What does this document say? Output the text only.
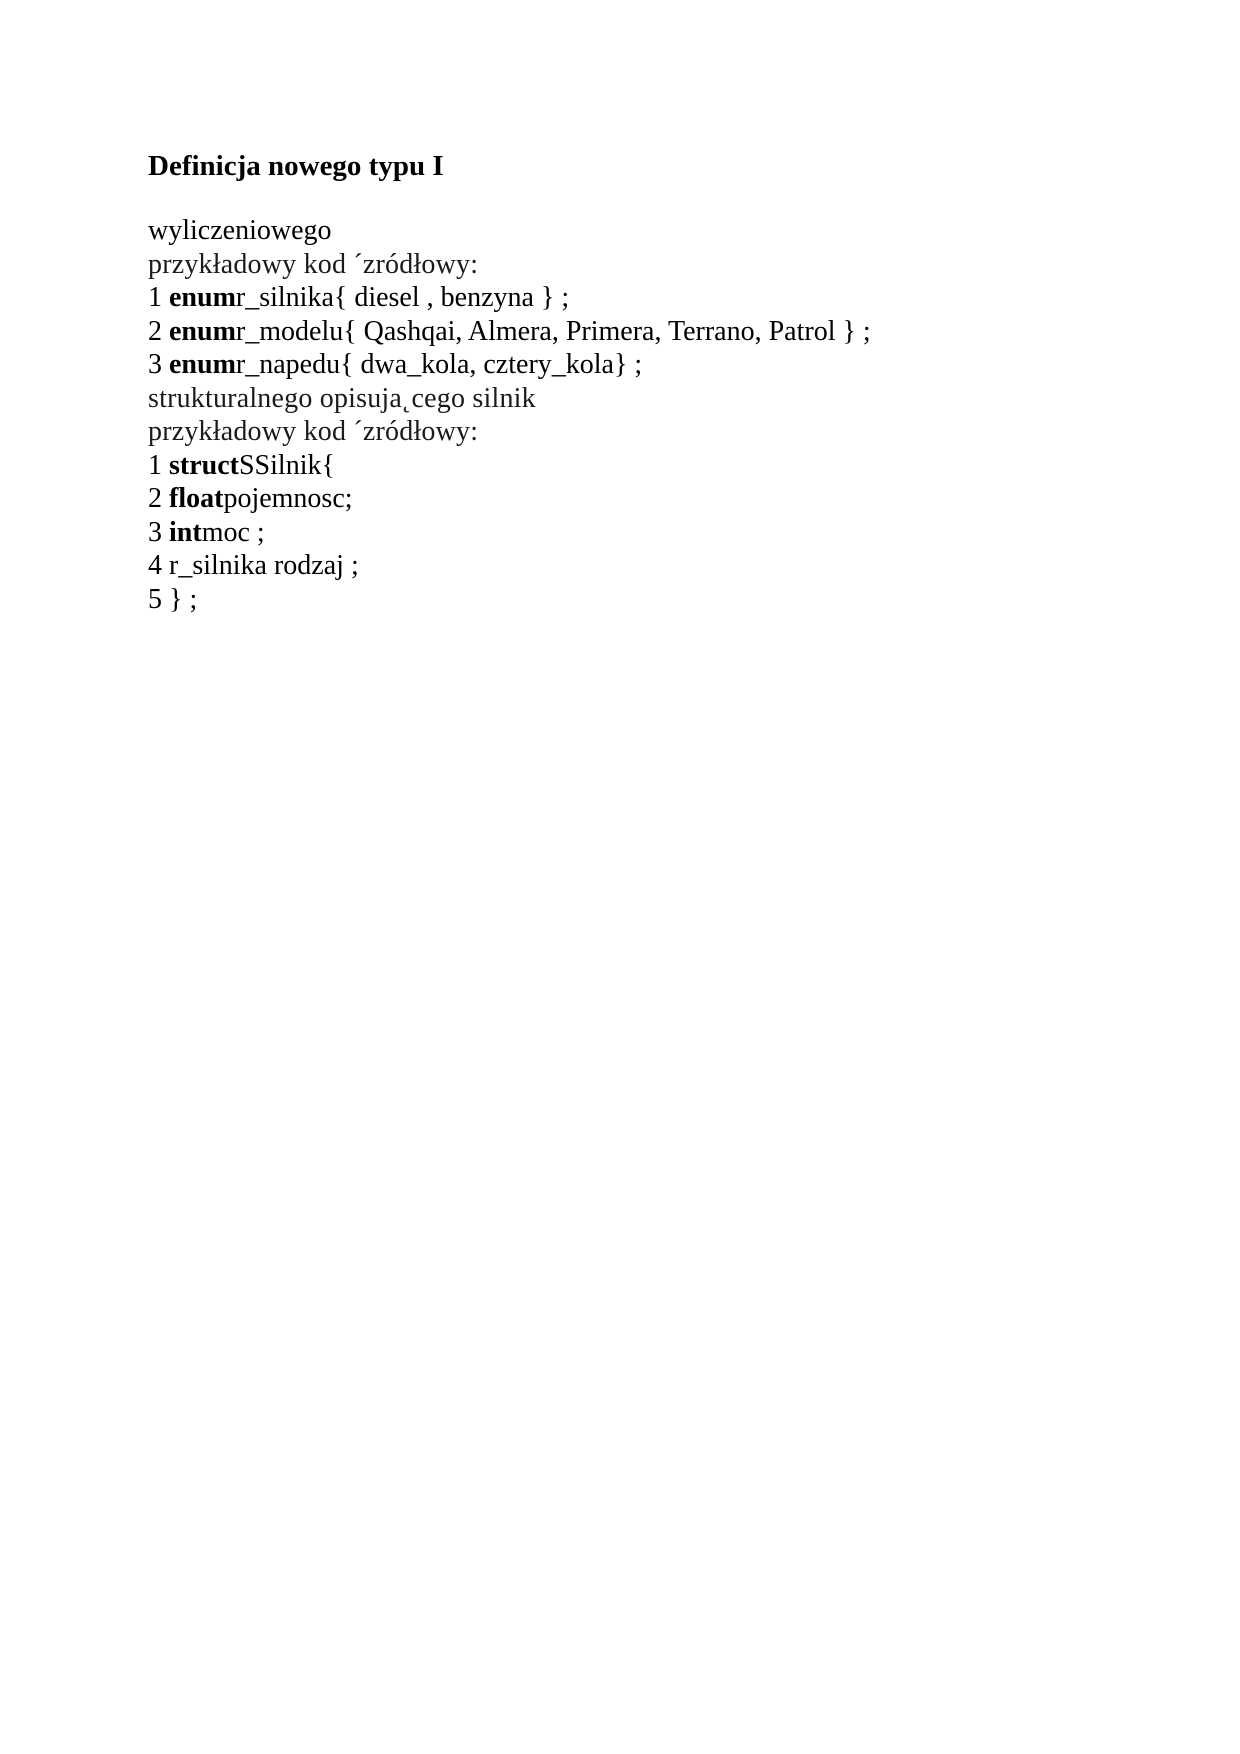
Definicja nowego typu I
wyliczeniowego
przykładowy kod ´zródłowy:
1 enumr_silnika{ diesel , benzyna } ;
2 enumr_modelu{ Qashqai, Almera, Primera, Terrano, Patrol } ;
3 enumr_napedu{ dwa_kola, cztery_kola} ;
strukturalnego opisuja˛cego silnik
przykładowy kod ´zródłowy:
1 structSSilnik{
2 floatpojemnosc;
3 intmoc ;
4 r_silnika rodzaj ;
5 } ;
